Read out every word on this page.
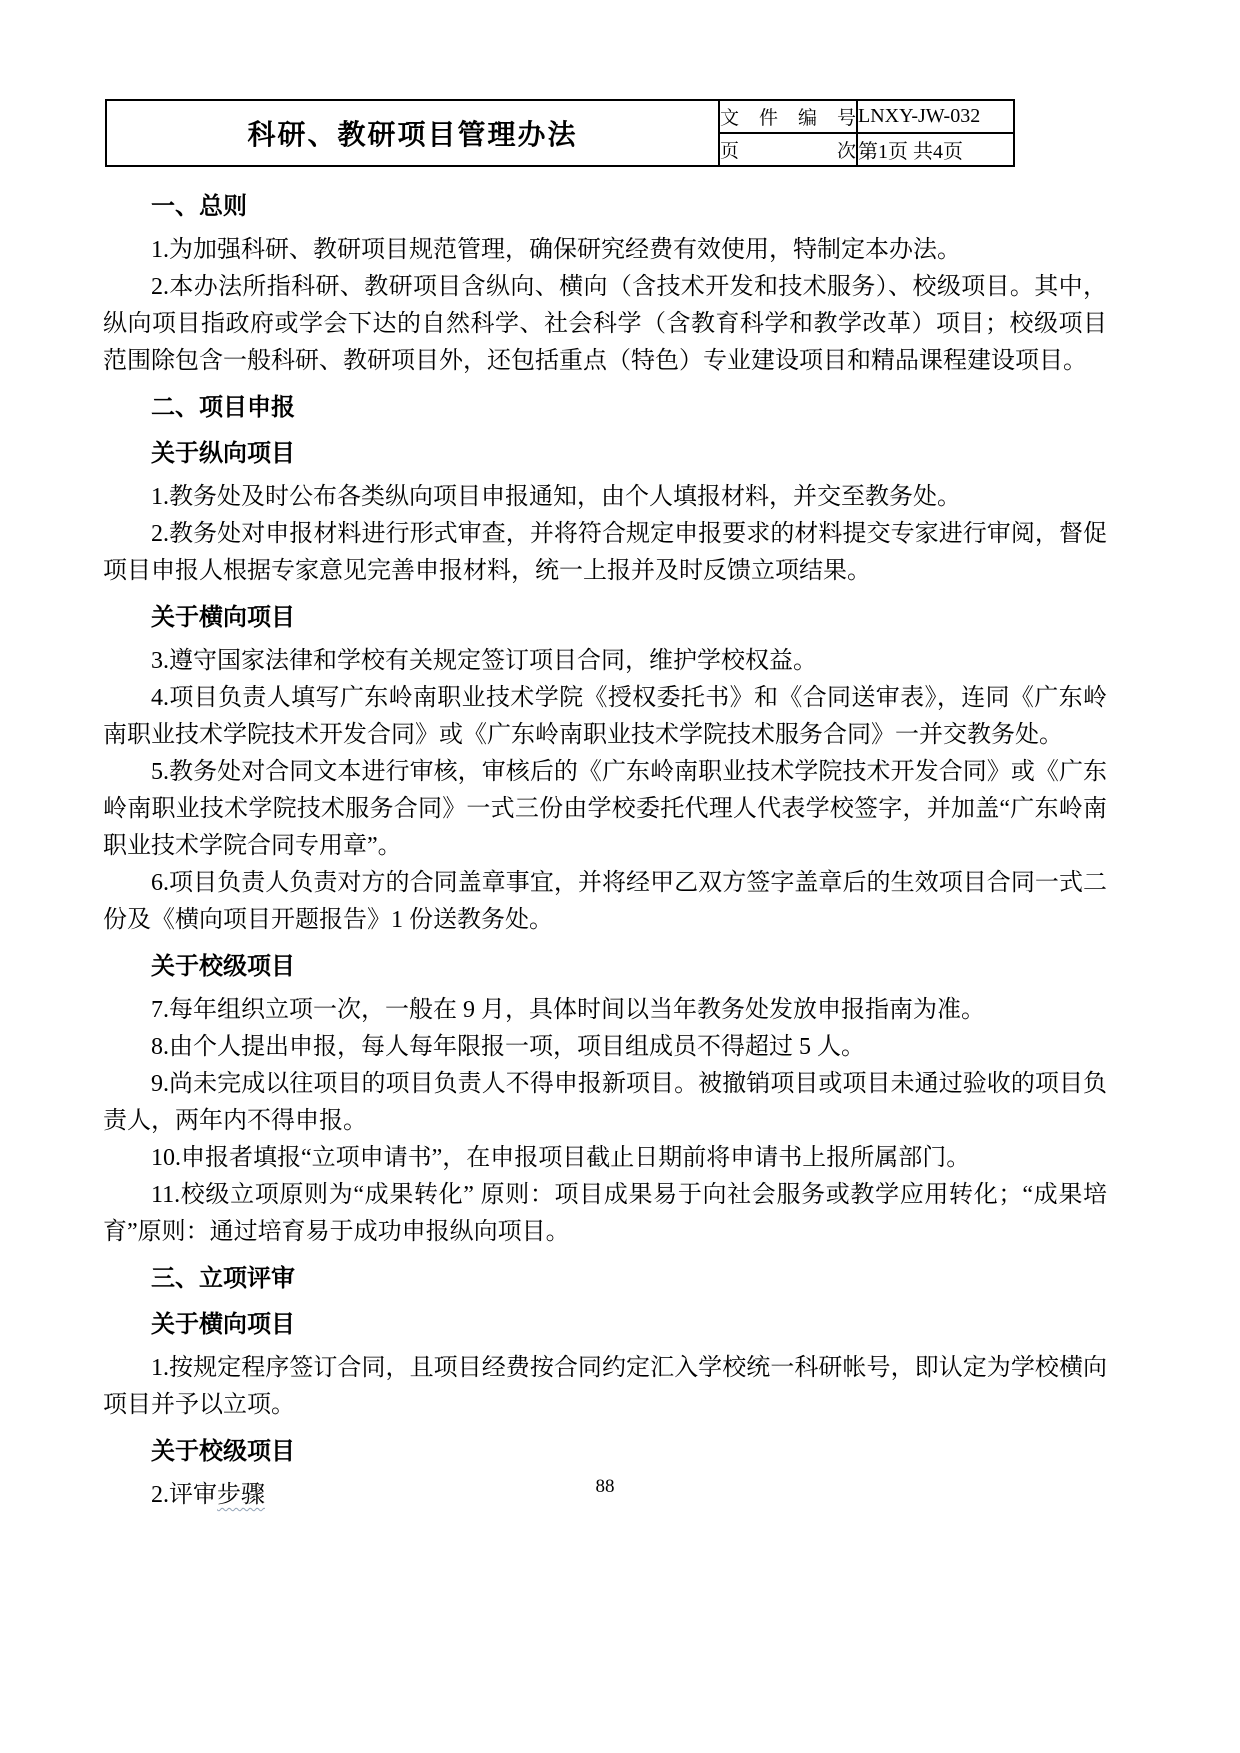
科研、教研项目管理办法	文 件 编 号	LNXY-JW-032
	页 次	第1页 共4页
一、总则

1.为加强科研、教研项目规范管理，确保研究经费有效使用，特制定本办法。

2.本办法所指科研、教研项目含纵向、横向（含技术开发和技术服务）、校级项目。其中，纵向项目指政府或学会下达的自然科学、社会科学（含教育科学和教学改革）项目；校级项目范围除包含一般科研、教研项目外，还包括重点（特色）专业建设项目和精品课程建设项目。

二、项目申报
关于纵向项目

1.教务处及时公布各类纵向项目申报通知，由个人填报材料，并交至教务处。

2.教务处对申报材料进行形式审查，并将符合规定申报要求的材料提交专家进行审阅，督促项目申报人根据专家意见完善申报材料，统一上报并及时反馈立项结果。

关于横向项目

3.遵守国家法律和学校有关规定签订项目合同，维护学校权益。

4.项目负责人填写广东岭南职业技术学院《授权委托书》和《合同送审表》，连同《广东岭南职业技术学院技术开发合同》或《广东岭南职业技术学院技术服务合同》一并交教务处。

5.教务处对合同文本进行审核，审核后的《广东岭南职业技术学院技术开发合同》或《广东岭南职业技术学院技术服务合同》一式三份由学校委托代理人代表学校签字，并加盖“广东岭南职业技术学院合同专用章”。

6.项目负责人负责对方的合同盖章事宜，并将经甲乙双方签字盖章后的生效项目合同一式二份及《横向项目开题报告》1 份送教务处。

关于校级项目

7.每年组织立项一次，一般在 9 月，具体时间以当年教务处发放申报指南为准。

8.由个人提出申报，每人每年限报一项，项目组成员不得超过 5 人。

9.尚未完成以往项目的项目负责人不得申报新项目。被撤销项目或项目未通过验收的项目负责人，两年内不得申报。

10.申报者填报“立项申请书”，在申报项目截止日期前将申请书上报所属部门。

11.校级立项原则为“成果转化” 原则：项目成果易于向社会服务或教学应用转化；“成果培育”原则：通过培育易于成功申报纵向项目。

三、立项评审
关于横向项目

1.按规定程序签订合同，且项目经费按合同约定汇入学校统一科研帐号，即认定为学校横向项目并予以立项。

关于校级项目

2.评审步骤	88
